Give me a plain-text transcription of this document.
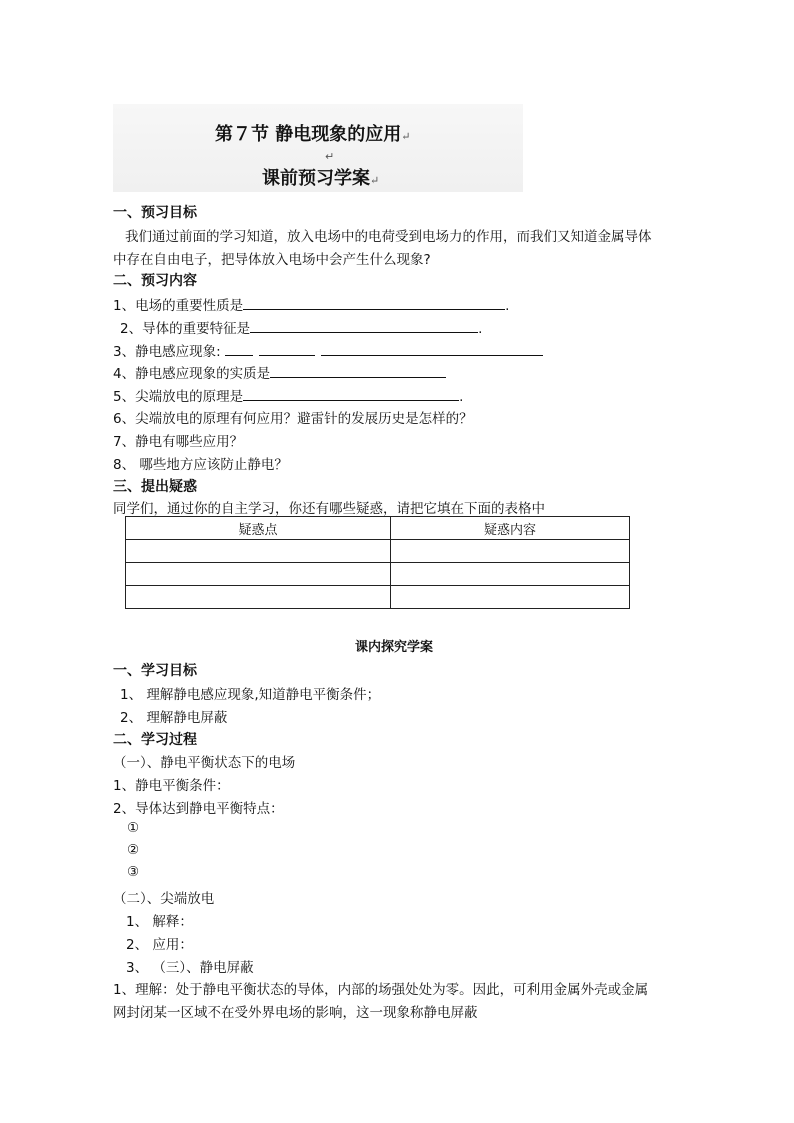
第７节 静电现象的应用↵
↵
课前预习学案↵
一、预习目标
我们通过前面的学习知道，放入电场中的电荷受到电场力的作用，而我们又知道金属导体
中存在自由电子，把导体放入电场中会产生什么现象?
二、预习内容
1、电场的重要性质是	.
2、导体的重要特征是	.
3、静电感应现象:
4、静电感应现象的实质是
5、尖端放电的原理是	.
6、尖端放电的原理有何应用？避雷针的发展历史是怎样的？
7、静电有哪些应用？
8、 哪些地方应该防止静电？
三、提出疑惑
同学们，通过你的自主学习，你还有哪些疑惑，请把它填在下面的表格中
疑惑点	疑惑内容

课内探究学案
一、学习目标
1、 理解静电感应现象,知道静电平衡条件；
2、 理解静电屏蔽
二、学习过程
（一）、静电平衡状态下的电场
1、静电平衡条件：
2、导体达到静电平衡特点：
①
②
③
（二）、尖端放电
1、 解释：
2、 应用：
3、 （三）、静电屏蔽
1、理解：处于静电平衡状态的导体，内部的场强处处为零。因此，可利用金属外壳或金属
网封闭某一区域不在受外界电场的影响，这一现象称静电屏蔽
